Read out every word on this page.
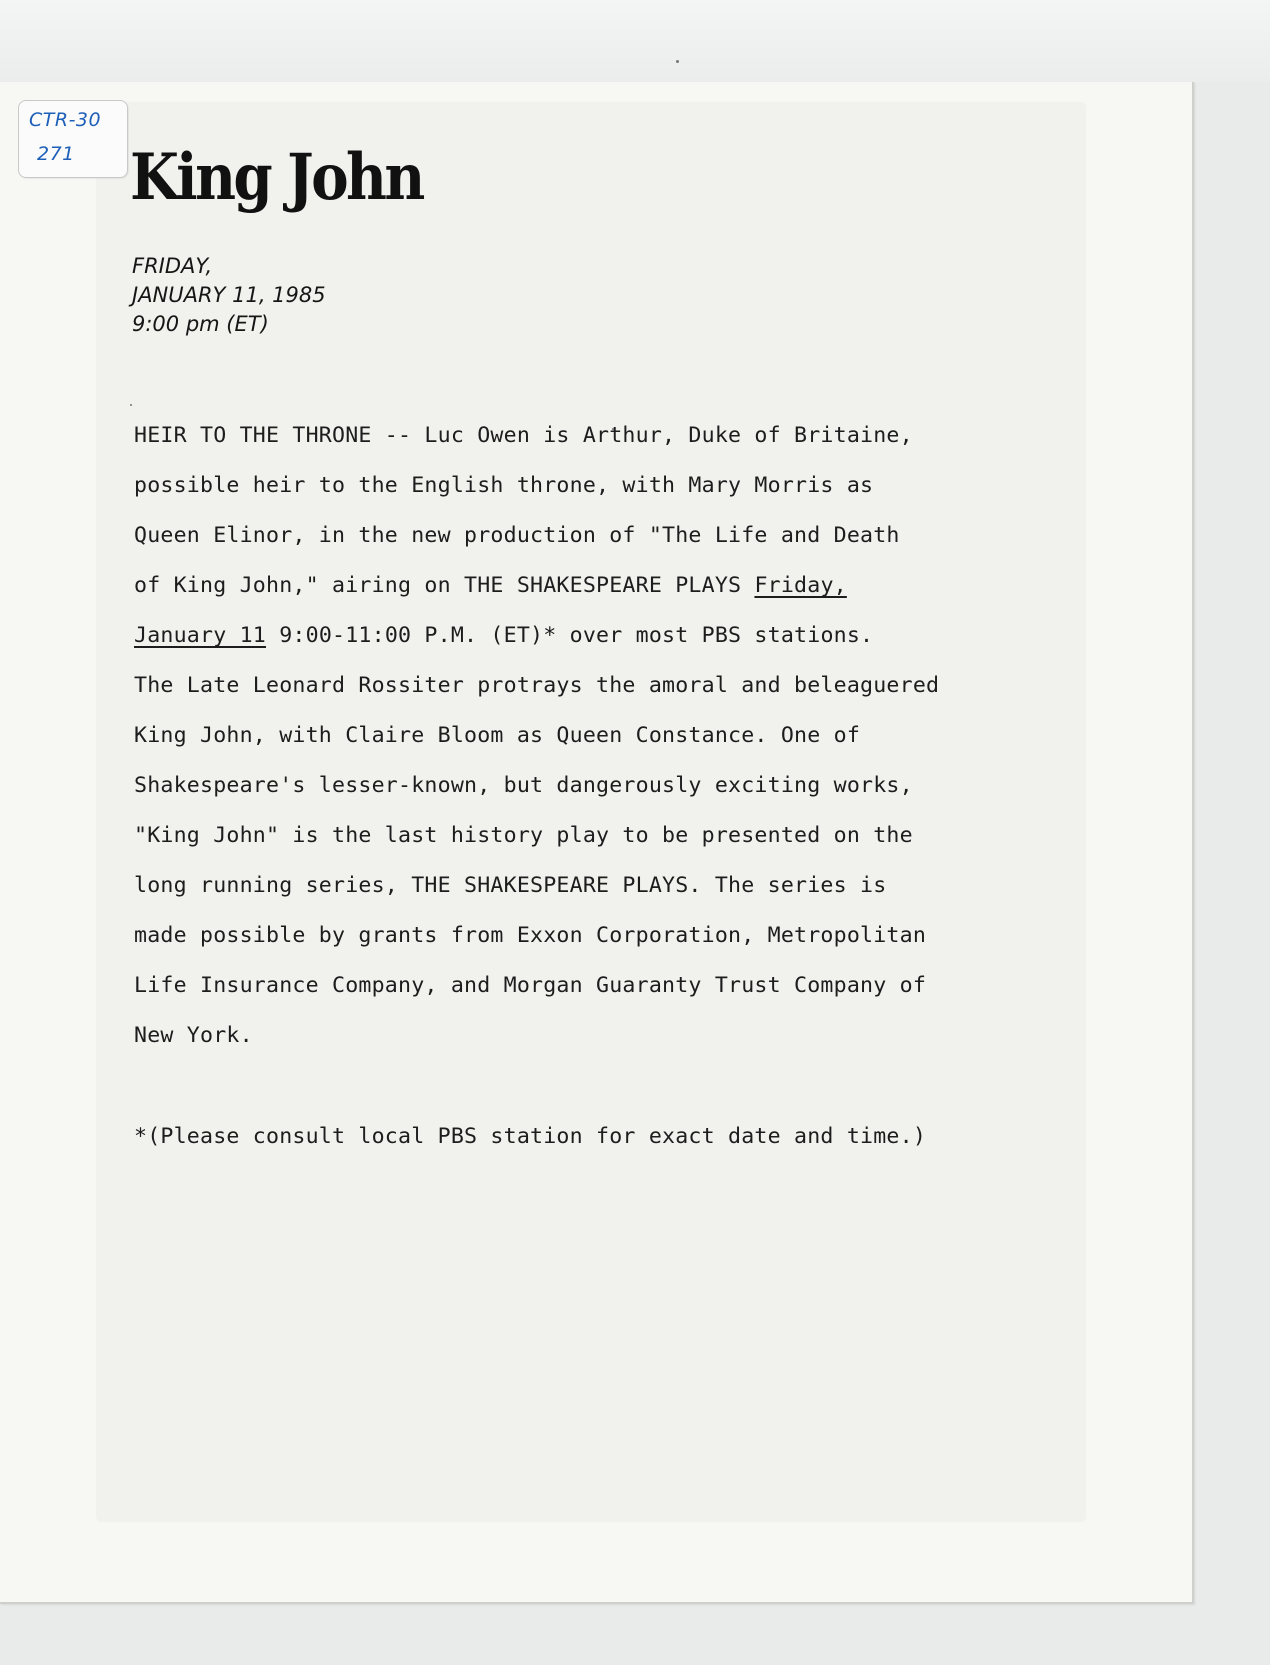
CTR-30
271 King John
FRIDAY,
JANUARY 11, 1985
9:00 pm (ET)
HEIR TO THE THRONE -- Luc Owen is Arthur, Duke of Britaine,
possible heir to the English throne, with Mary Morris as
Queen Elinor, in the new production of "The Life and Death
of King John," airing on THE SHAKESPEARE PLAYS Friday,
January 11 9:00-11:00 P.M. (ET)* over most PBS stations.
The Late Leonard Rossiter protrays the amoral and beleaguered
King John, with Claire Bloom as Queen Constance. One of
Shakespeare's lesser-known, but dangerously exciting works,
"King John" is the last history play to be presented on the
long running series, THE SHAKESPEARE PLAYS. The series is
made possible by grants from Exxon Corporation, Metropolitan
Life Insurance Company, and Morgan Guaranty Trust Company of
New York.
*(Please consult local PBS station for exact date and time.)
